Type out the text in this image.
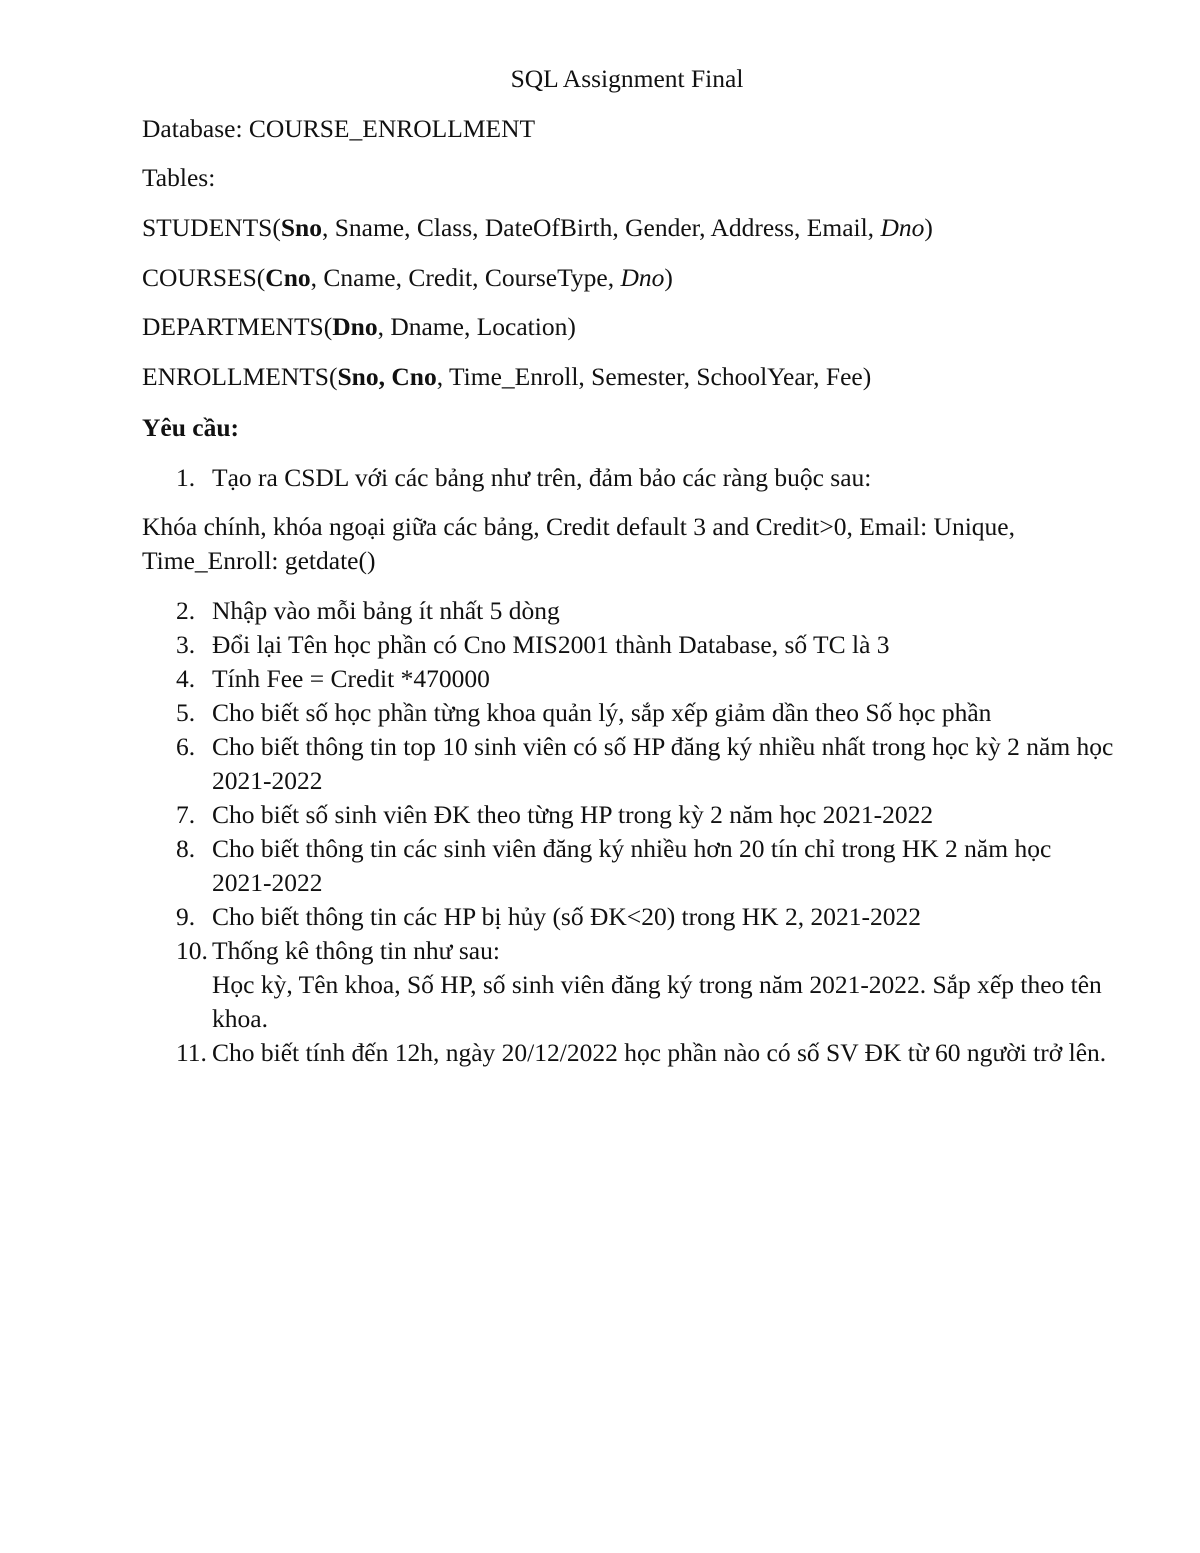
SQL Assignment Final
Database: COURSE_ENROLLMENT
Tables:
STUDENTS(Sno, Sname, Class, DateOfBirth, Gender, Address, Email, Dno)
COURSES(Cno, Cname, Credit, CourseType, Dno)
DEPARTMENTS(Dno, Dname, Location)
ENROLLMENTS(Sno, Cno, Time_Enroll, Semester, SchoolYear, Fee)
Yêu cầu:
1. Tạo ra CSDL với các bảng như trên, đảm bảo các ràng buộc sau:
Khóa chính, khóa ngoại giữa các bảng, Credit default 3 and Credit>0, Email: Unique, Time_Enroll: getdate()
2. Nhập vào mỗi bảng ít nhất 5 dòng
3. Đổi lại Tên học phần có Cno MIS2001 thành Database, số TC là 3
4. Tính Fee = Credit *470000
5. Cho biết số học phần từng khoa quản lý, sắp xếp giảm dần theo Số học phần
6. Cho biết thông tin top 10 sinh viên có số HP đăng ký nhiều nhất trong học kỳ 2 năm học 2021-2022
7. Cho biết số sinh viên ĐK theo từng HP trong kỳ 2 năm học 2021-2022
8. Cho biết thông tin các sinh viên đăng ký nhiều hơn 20 tín chỉ trong HK 2 năm học 2021-2022
9. Cho biết thông tin các HP bị hủy (số ĐK<20) trong HK 2, 2021-2022
10. Thống kê thông tin như sau:
Học kỳ, Tên khoa, Số HP, số sinh viên đăng ký trong năm 2021-2022. Sắp xếp theo tên khoa.
11. Cho biết tính đến 12h, ngày 20/12/2022 học phần nào có số SV ĐK từ 60 người trở lên.
